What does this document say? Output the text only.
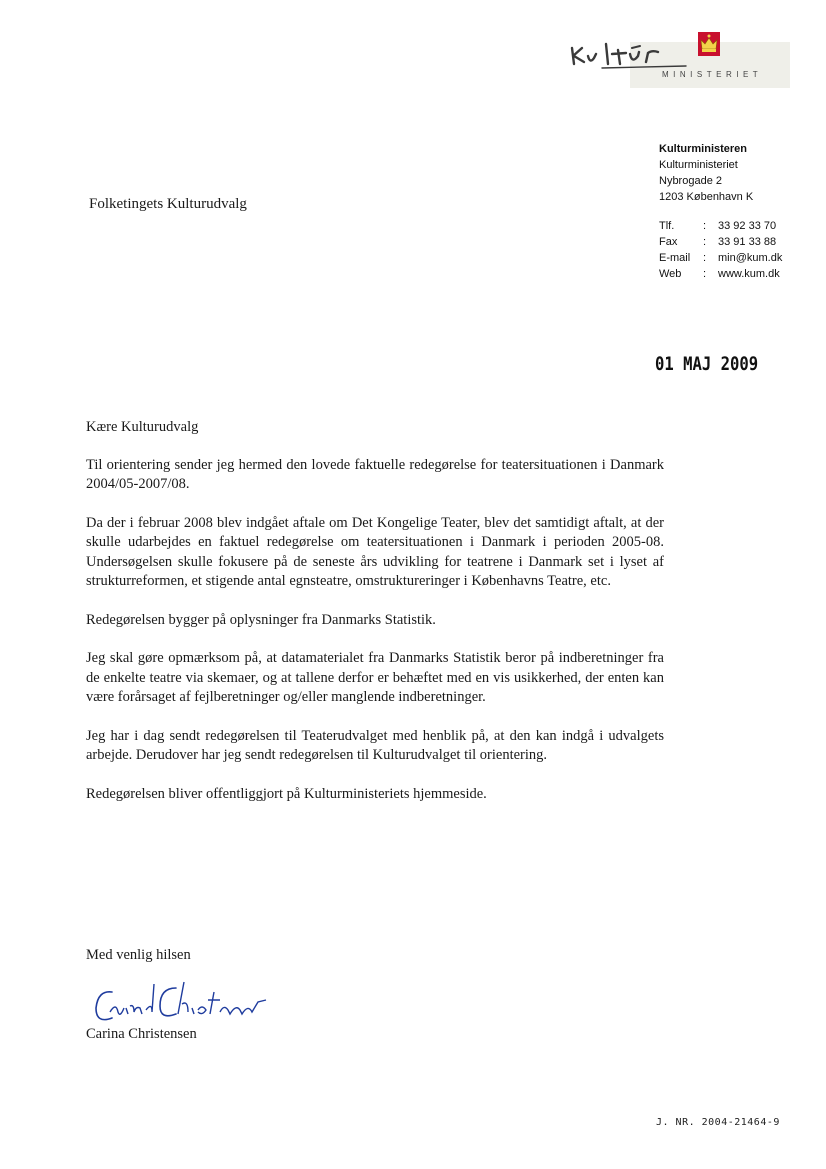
MINISTERIET
Kulturministeren
Kulturministeriet
Nybrogade 2
1203 København K
Tlf.	:	33 92 33 70
Fax	:	33 91 33 88
E-mail	:	min@kum.dk
Web	:	www.kum.dk
Folketingets Kulturudvalg
01 MAJ 2009

Kære Kulturudvalg

Til orientering sender jeg hermed den lovede faktuelle redegørelse for teatersituationen i Danmark 2004/05-2007/08.

Da der i februar 2008 blev indgået aftale om Det Kongelige Teater, blev det samtidigt aftalt, at der skulle udarbejdes en faktuel redegørelse om teatersituationen i Danmark i perioden 2005-08. Undersøgelsen skulle fokusere på de seneste års udvikling for teatrene i Danmark set i lyset af strukturreformen, et stigende antal egnsteatre, omstruktureringer i Københavns Teatre, etc.

Redegørelsen bygger på oplysninger fra Danmarks Statistik.

Jeg skal gøre opmærksom på, at datamaterialet fra Danmarks Statistik beror på indberetninger fra de enkelte teatre via skemaer, og at tallene derfor er behæftet med en vis usikkerhed, der enten kan være forårsaget af fejlberetninger og/eller manglende indberetninger.

Jeg har i dag sendt redegørelsen til Teaterudvalget med henblik på, at den kan indgå i udvalgets arbejde. Derudover har jeg sendt redegørelsen til Kulturudvalget til orientering.

Redegørelsen bliver offentliggjort på Kulturministeriets hjemmeside.

Med venlig hilsen
Carina Christensen
J. NR. 2004-21464-9
